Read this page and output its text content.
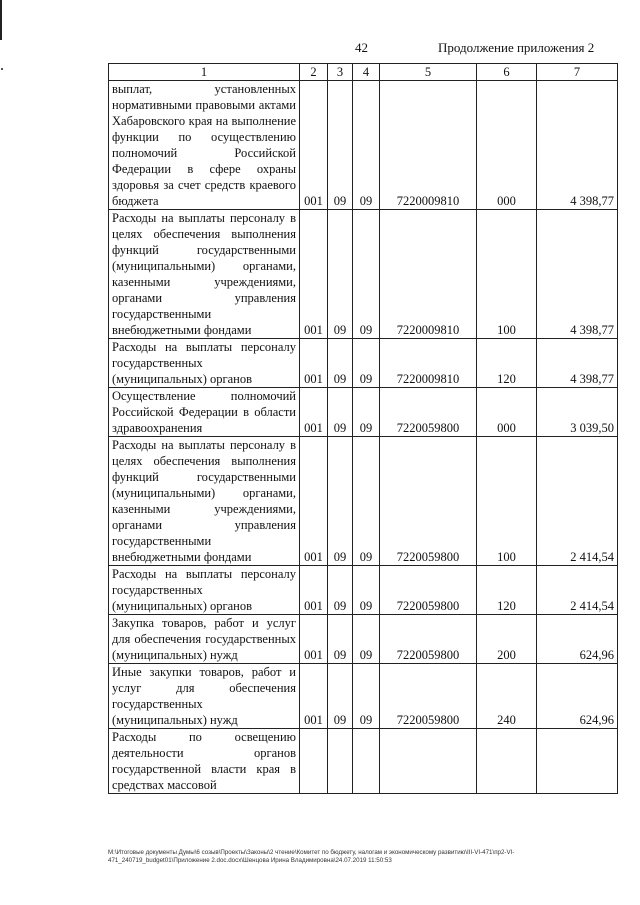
42	Продолжение приложения 2
1	2	3	4	5	6	7
выплат, установленных нормативными правовыми актами Хабаровского края на выполнение функции по осуществлению полномочий Российской Федерации в сфере охраны здоровья за счет средств краевого бюджета	001	09	09	7220009810	000	4 398,77
Расходы на выплаты персоналу в целях обеспечения выполнения функций государственными (муниципальными) органами, казенными учреждениями, органами управления государственными внебюджетными фондами	001	09	09	7220009810	100	4 398,77
Расходы на выплаты персоналу государственных (муниципальных) органов	001	09	09	7220009810	120	4 398,77
Осуществление полномочий Российской Федерации в области здравоохранения	001	09	09	7220059800	000	3 039,50
Расходы на выплаты персоналу в целях обеспечения выполнения функций государственными (муниципальными) органами, казенными учреждениями, органами управления государственными внебюджетными фондами	001	09	09	7220059800	100	2 414,54
Расходы на выплаты персоналу государственных (муниципальных) органов	001	09	09	7220059800	120	2 414,54
Закупка товаров, работ и услуг для обеспечения государственных (муниципальных) нужд	001	09	09	7220059800	200	624,96
Иные закупки товаров, работ и услуг для обеспечения государственных (муниципальных) нужд	001	09	09	7220059800	240	624,96
Расходы по освещению деятельности органов государственной власти края в средствах массовой						
M:\Итоговые документы Думы\6 созыв\Проекты\Законы\2 чтение\Комитет по бюджету, налогам и экономическому развитию\III-VI-471\пр2-VI-471_240719_budget01\Приложение 2.doc.docx\Шенцова Ирина Владимировна\24.07.2019 11:50:53
